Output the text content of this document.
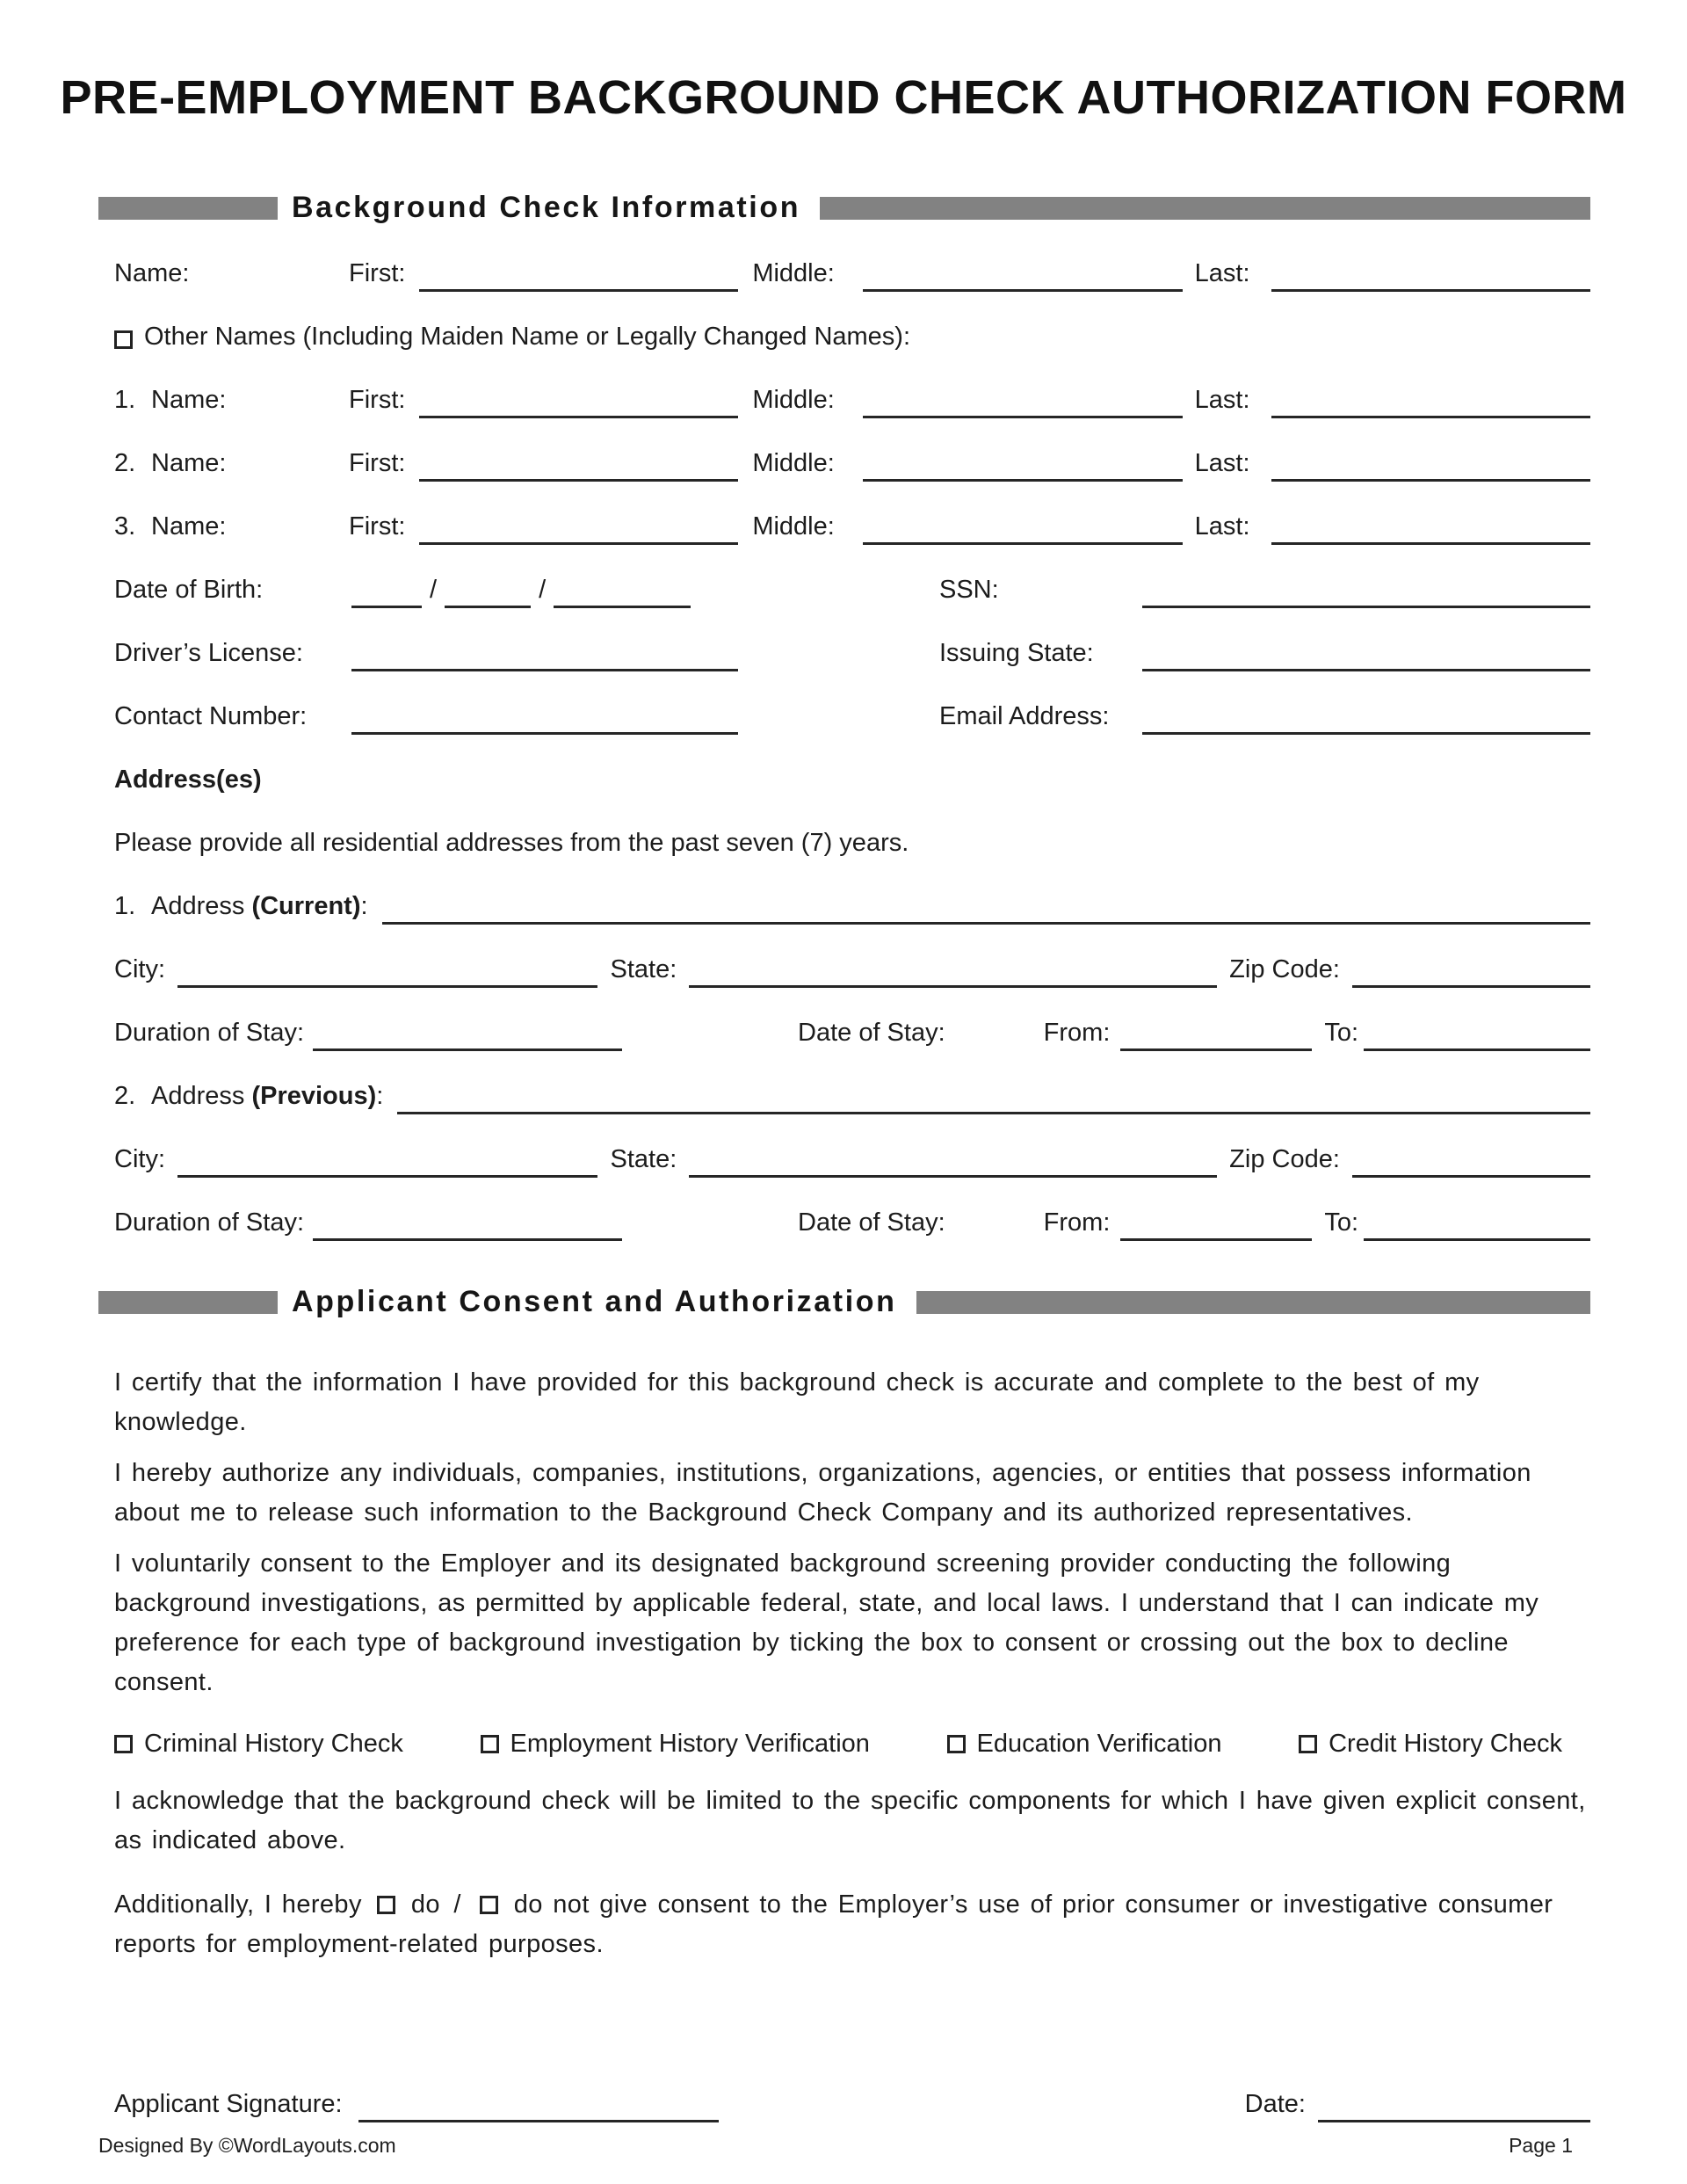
PRE-EMPLOYMENT BACKGROUND CHECK AUTHORIZATION FORM
Background Check Information
Name:	First:	Middle:	Last:
Other Names (Including Maiden Name or Legally Changed Names):
1. Name:	First:	Middle:	Last:
2. Name:	First:	Middle:	Last:
3. Name:	First:	Middle:	Last:
Date of Birth:	/	/	SSN:
Driver’s License:	Issuing State:
Contact Number:	Email Address:
Address(es)
Please provide all residential addresses from the past seven (7) years.
1. Address (Current):
City:	State:	Zip Code:
Duration of Stay:	Date of Stay:	From:	To:
2. Address (Previous):
City:	State:	Zip Code:
Duration of Stay:	Date of Stay:	From:	To:
Applicant Consent and Authorization

I certify that the information I have provided for this background check is accurate and complete to the best of my knowledge.

I hereby authorize any individuals, companies, institutions, organizations, agencies, or entities that possess information about me to release such information to the Background Check Company and its authorized representatives.

I voluntarily consent to the Employer and its designated background screening provider conducting the following background investigations, as permitted by applicable federal, state, and local laws. I understand that I can indicate my preference for each type of background investigation by ticking the box to consent or crossing out the box to decline consent.

Criminal History Check	Employment History Verification	Education Verification	Credit History Check

I acknowledge that the background check will be limited to the specific components for which I have given explicit consent, as indicated above.

Additionally, I hereby do / do not give consent to the Employer’s use of prior consumer or investigative consumer reports for employment-related purposes.

Applicant Signature:	Date:
Designed By ©WordLayouts.com	Page 1
